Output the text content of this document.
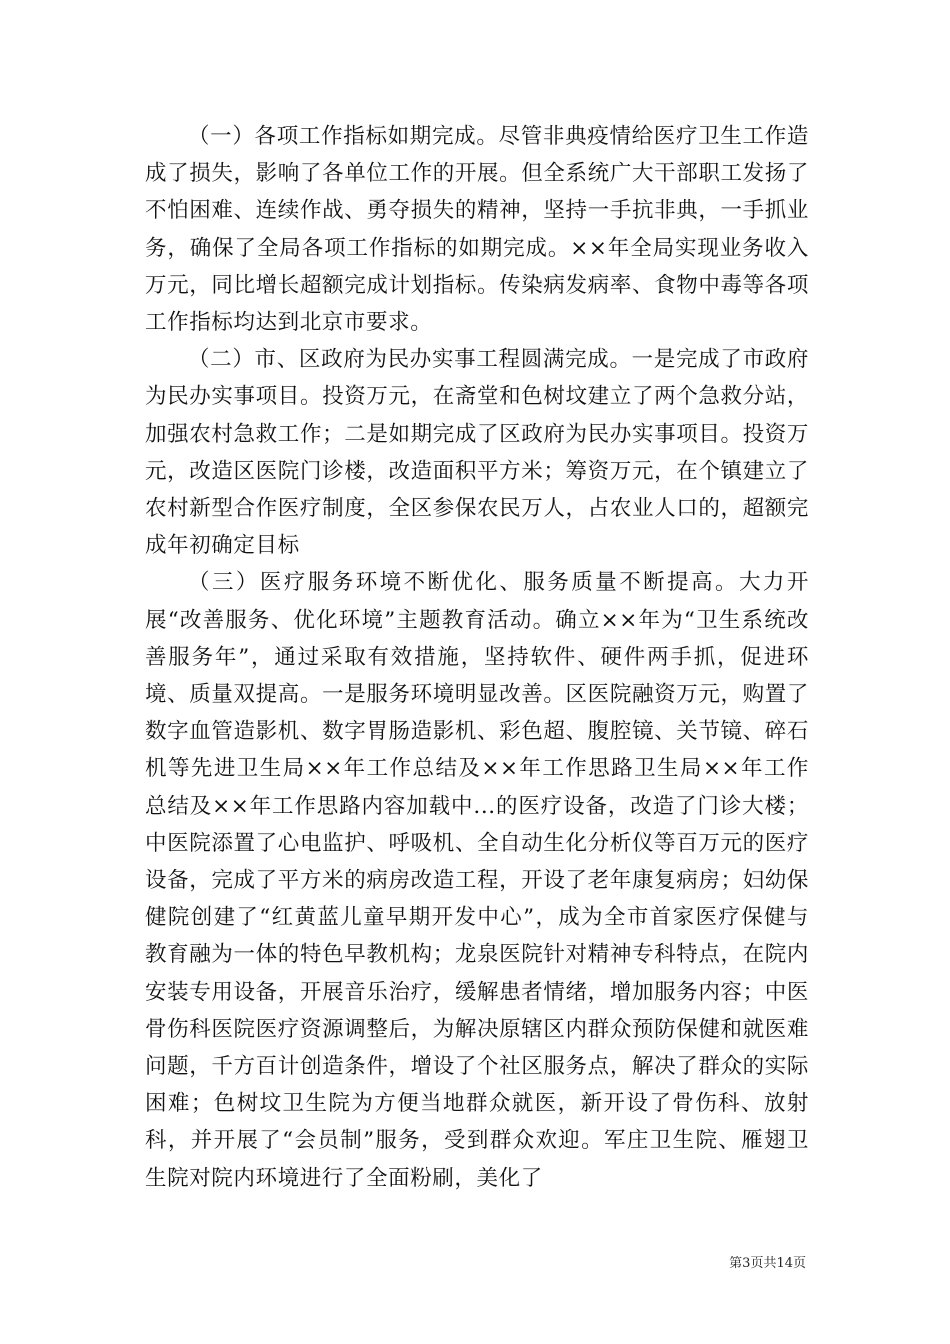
（一）各项工作指标如期完成。尽管非典疫情给医疗卫生工作造成了损失，影响了各单位工作的开展。但全系统广大干部职工发扬了不怕困难、连续作战、勇夺损失的精神，坚持一手抗非典，一手抓业务，确保了全局各项工作指标的如期完成。××年全局实现业务收入万元，同比增长超额完成计划指标。传染病发病率、食物中毒等各项工作指标均达到北京市要求。

（二）市、区政府为民办实事工程圆满完成。一是完成了市政府为民办实事项目。投资万元，在斋堂和色树坟建立了两个急救分站，加强农村急救工作；二是如期完成了区政府为民办实事项目。投资万元，改造区医院门诊楼，改造面积平方米；筹资万元，在个镇建立了农村新型合作医疗制度，全区参保农民万人，占农业人口的，超额完成年初确定目标

（三）医疗服务环境不断优化、服务质量不断提高。大力开展“改善服务、优化环境”主题教育活动。确立××年为“卫生系统改善服务年”，通过采取有效措施，坚持软件、硬件两手抓，促进环境、质量双提高。一是服务环境明显改善。区医院融资万元，购置了数字血管造影机、数字胃肠造影机、彩色超、腹腔镜、关节镜、碎石机等先进卫生局××年工作总结及××年工作思路卫生局××年工作总结及××年工作思路内容加载中...的医疗设备，改造了门诊大楼；中医院添置了心电监护、呼吸机、全自动生化分析仪等百万元的医疗设备，完成了平方米的病房改造工程，开设了老年康复病房；妇幼保健院创建了“红黄蓝儿童早期开发中心”，成为全市首家医疗保健与教育融为一体的特色早教机构；龙泉医院针对精神专科特点，在院内安装专用设备，开展音乐治疗，缓解患者情绪，增加服务内容；中医骨伤科医院医疗资源调整后，为解决原辖区内群众预防保健和就医难问题，千方百计创造条件，增设了个社区服务点，解决了群众的实际困难；色树坟卫生院为方便当地群众就医，新开设了骨伤科、放射科，并开展了“会员制”服务，受到群众欢迎。军庄卫生院、雁翅卫生院对院内环境进行了全面粉刷，美化了

第3页共14页
